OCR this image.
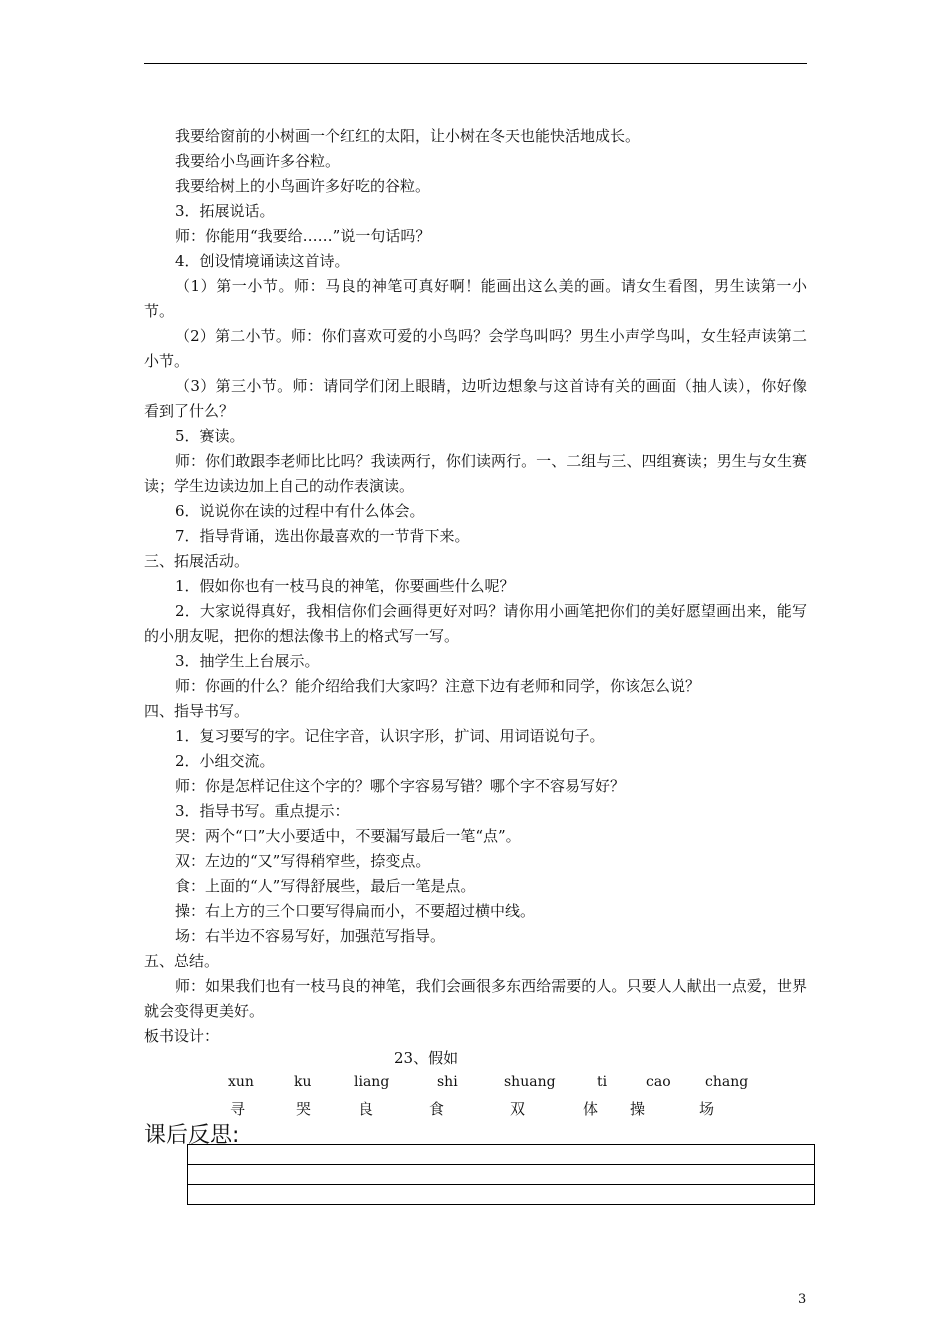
我要给窗前的小树画一个红红的太阳，让小树在冬天也能快活地成长。
我要给小鸟画许多谷粒。
我要给树上的小鸟画许多好吃的谷粒。
3．拓展说话。
师：你能用“我要给……”说一句话吗？
4．创设情境诵读这首诗。
（1）第一小节。师：马良的神笔可真好啊！能画出这么美的画。请女生看图，男生读第一小节。
（2）第二小节。师：你们喜欢可爱的小鸟吗？会学鸟叫吗？男生小声学鸟叫，女生轻声读第二小节。
（3）第三小节。师：请同学们闭上眼睛，边听边想象与这首诗有关的画面（抽人读），你好像看到了什么？
5．赛读。
师：你们敢跟李老师比比吗？我读两行，你们读两行。一、二组与三、四组赛读；男生与女生赛读；学生边读边加上自己的动作表演读。
6．说说你在读的过程中有什么体会。
7．指导背诵，选出你最喜欢的一节背下来。
三、拓展活动。
1．假如你也有一枝马良的神笔，你要画些什么呢？
2．大家说得真好，我相信你们会画得更好对吗？请你用小画笔把你们的美好愿望画出来，能写的小朋友呢，把你的想法像书上的格式写一写。
3．抽学生上台展示。
师：你画的什么？能介绍给我们大家吗？注意下边有老师和同学，你该怎么说？
四、指导书写。
1．复习要写的字。记住字音，认识字形，扩词、用词语说句子。
2．小组交流。
师：你是怎样记住这个字的？哪个字容易写错？哪个字不容易写好？
3．指导书写。重点提示：
哭：两个“口”大小要适中，不要漏写最后一笔“点”。
双：左边的“又”写得稍窄些，捺变点。
食：上面的“人”写得舒展些，最后一笔是点。
操：右上方的三个口要写得扁而小，不要超过横中线。
场：右半边不容易写好，加强范写指导。
五、总结。
师：如果我们也有一枝马良的神笔，我们会画很多东西给需要的人。只要人人献出一点爱，世界就会变得更美好。
板书设计：
23、假如
xun	ku	liang	shi	shuang	ti	cao chang
寻	哭	良	食	双	体 操	场
课后反思:

3
